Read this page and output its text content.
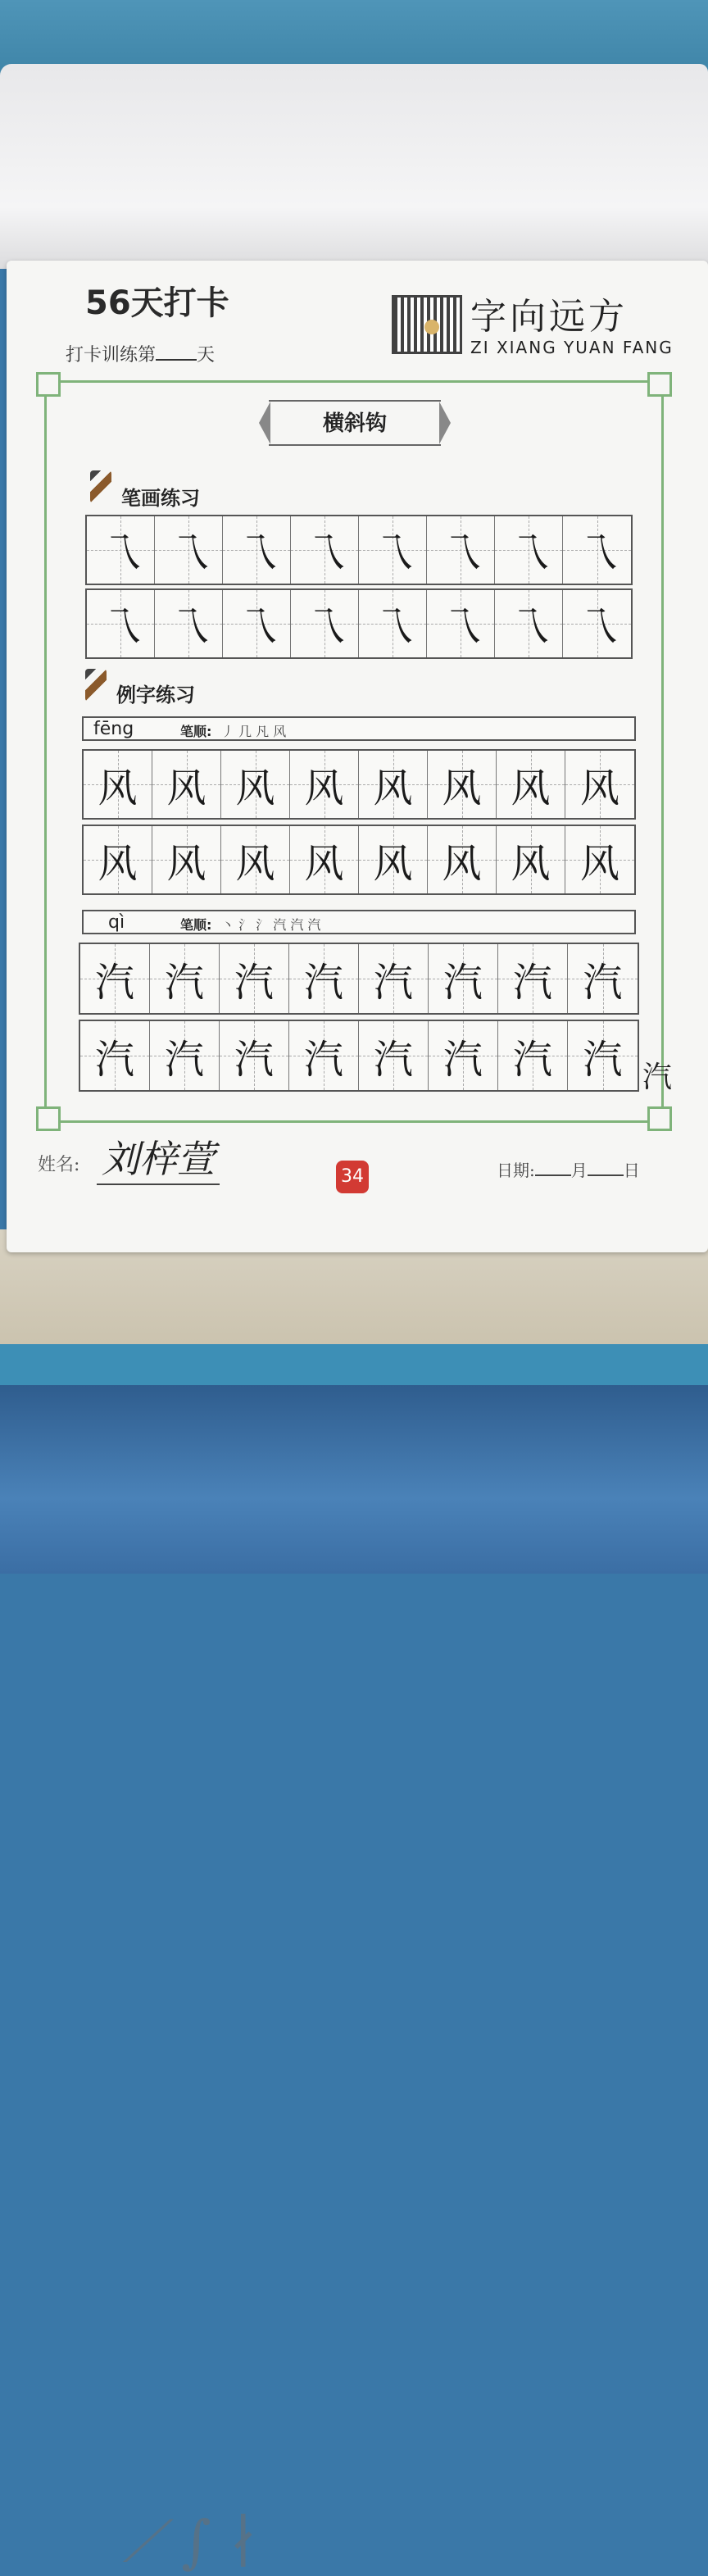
⟋ ∫ ∤
56天打卡
打卡训练第 天
字向远方
ZI XIANG YUAN FANG
横斜钩
笔画练习
乁 乁 乁 乁 乁 乁 乁 乁
乁 乁 乁 乁 乁 乁 乁 乁
例字练习
fēng	笔顺: 丿 几 凡 风
风 风 风 风 风 风 风 风
风 风 风 风 风 风 风 风
qì	笔顺: 丶 氵 氵 汽 汽 汽
汽 汽 汽 汽 汽 汽 汽 汽
汽 汽 汽 汽 汽 汽 汽 汽 汽
姓名: 刘梓萱	34	日期: 月 日
